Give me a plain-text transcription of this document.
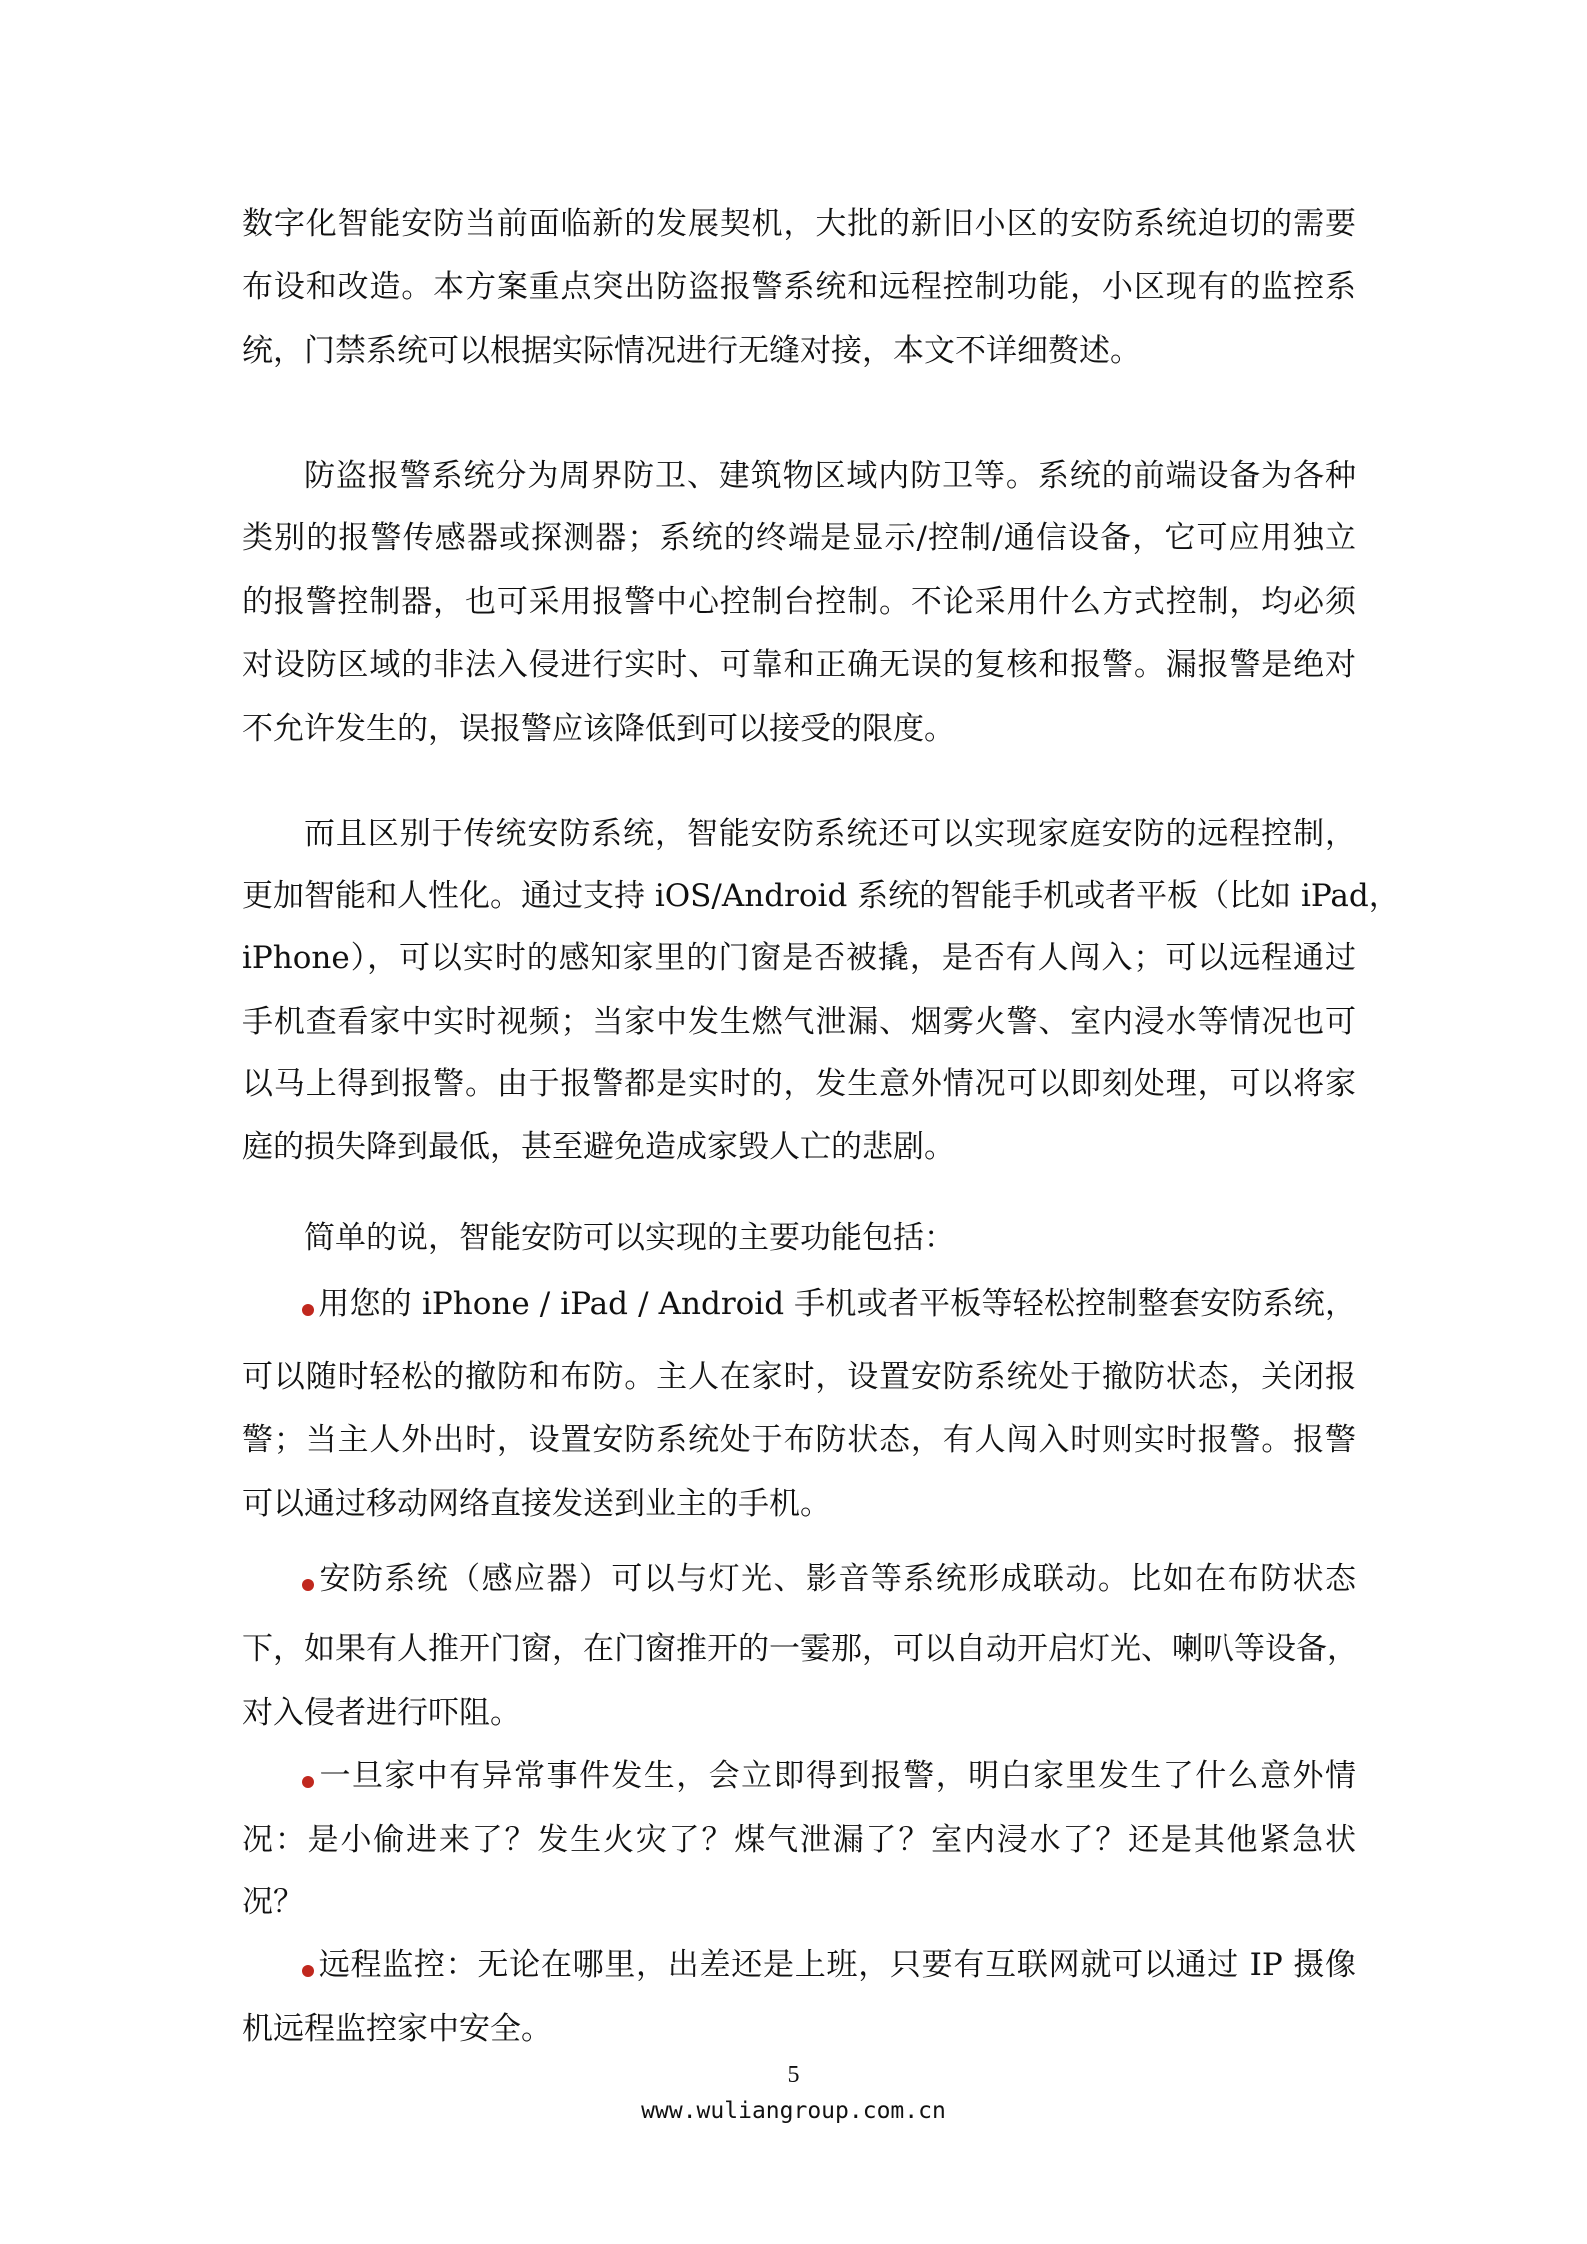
数字化智能安防当前面临新的发展契机，大批的新旧小区的安防系统迫切的需要
布设和改造。本方案重点突出防盗报警系统和远程控制功能，小区现有的监控系
统，门禁系统可以根据实际情况进行无缝对接，本文不详细赘述。
防盗报警系统分为周界防卫、建筑物区域内防卫等。系统的前端设备为各种
类别的报警传感器或探测器；系统的终端是显示/控制/通信设备，它可应用独立
的报警控制器，也可采用报警中心控制台控制。不论采用什么方式控制，均必须
对设防区域的非法入侵进行实时、可靠和正确无误的复核和报警。漏报警是绝对
不允许发生的，误报警应该降低到可以接受的限度。
而且区别于传统安防系统，智能安防系统还可以实现家庭安防的远程控制，
更加智能和人性化。通过支持 iOS/Android 系统的智能手机或者平板（比如 iPad，
iPhone），可以实时的感知家里的门窗是否被撬，是否有人闯入；可以远程通过
手机查看家中实时视频；当家中发生燃气泄漏、烟雾火警、室内浸水等情况也可
以马上得到报警。由于报警都是实时的，发生意外情况可以即刻处理，可以将家
庭的损失降到最低，甚至避免造成家毁人亡的悲剧。
简单的说，智能安防可以实现的主要功能包括：
用您的 iPhone / iPad / Android 手机或者平板等轻松控制整套安防系统，
可以随时轻松的撤防和布防。主人在家时，设置安防系统处于撤防状态，关闭报
警；当主人外出时，设置安防系统处于布防状态，有人闯入时则实时报警。报警
可以通过移动网络直接发送到业主的手机。
安防系统（感应器）可以与灯光、影音等系统形成联动。比如在布防状态
下，如果有人推开门窗，在门窗推开的一霎那，可以自动开启灯光、喇叭等设备，
对入侵者进行吓阻。
一旦家中有异常事件发生，会立即得到报警，明白家里发生了什么意外情
况：是小偷进来了？发生火灾了？煤气泄漏了？室内浸水了？还是其他紧急状
况？
远程监控：无论在哪里，出差还是上班，只要有互联网就可以通过 IP 摄像
机远程监控家中安全。
5
www.wuliangroup.com.cn
